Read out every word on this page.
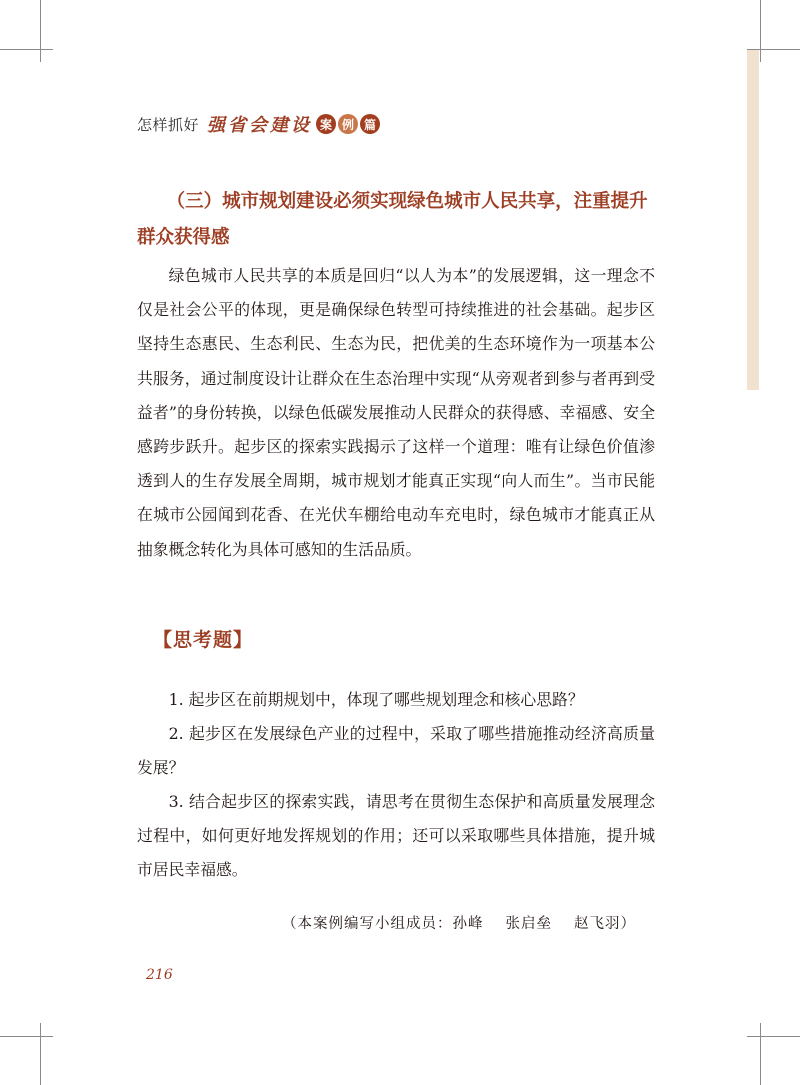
怎样抓好 强省会建设 案 例 篇
（三）城市规划建设必须实现绿色城市人民共享，注重提升群众获得感

绿色城市人民共享的本质是回归“以人为本”的发展逻辑，这一理念不仅是社会公平的体现，更是确保绿色转型可持续推进的社会基础。起步区坚持生态惠民、生态利民、生态为民，把优美的生态环境作为一项基本公共服务，通过制度设计让群众在生态治理中实现“从旁观者到参与者再到受益者”的身份转换，以绿色低碳发展推动人民群众的获得感、幸福感、安全感跨步跃升。起步区的探索实践揭示了这样一个道理：唯有让绿色价值渗透到人的生存发展全周期，城市规划才能真正实现“向人而生”。当市民能在城市公园闻到花香、在光伏车棚给电动车充电时，绿色城市才能真正从抽象概念转化为具体可感知的生活品质。

【思考题】

1. 起步区在前期规划中，体现了哪些规划理念和核心思路？

2. 起步区在发展绿色产业的过程中，采取了哪些措施推动经济高质量发展？

3. 结合起步区的探索实践，请思考在贯彻生态保护和高质量发展理念过程中，如何更好地发挥规划的作用；还可以采取哪些具体措施，提升城市居民幸福感。

（本案例编写小组成员：孙峰 张启垒 赵飞羽）
216
